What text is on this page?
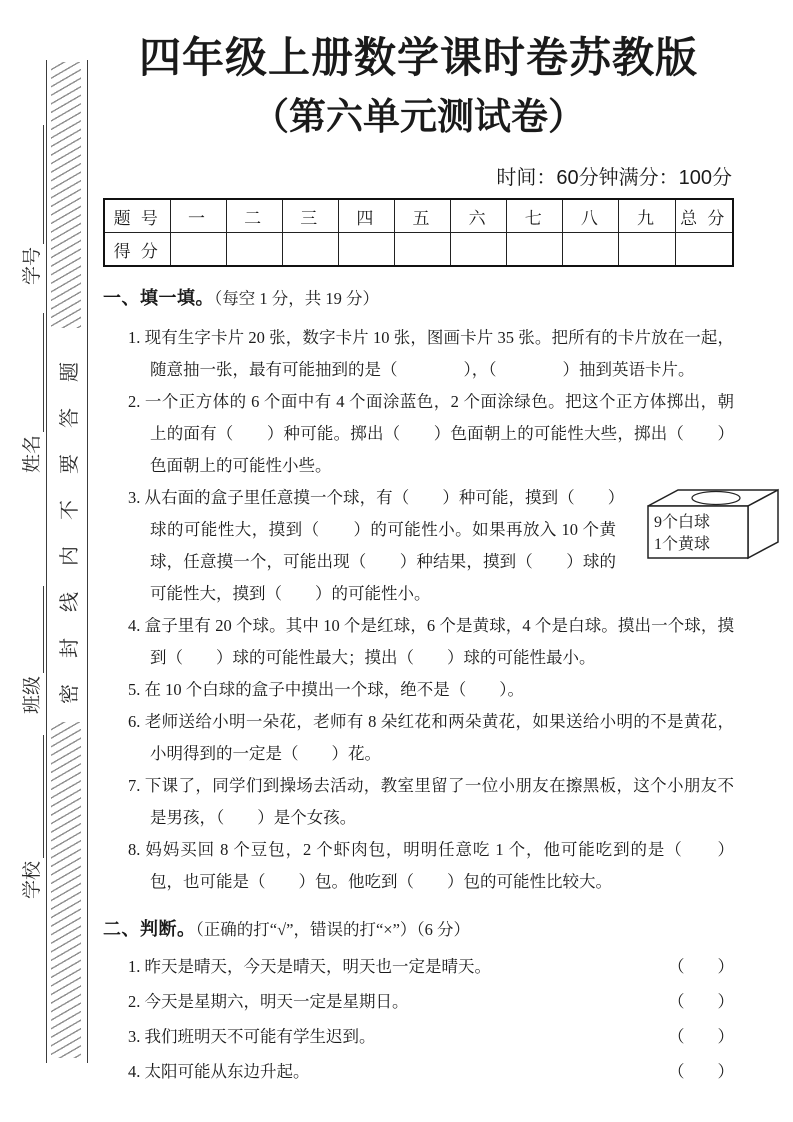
密封线内不要答题
学号
姓名
班级
学校
四年级上册数学课时卷苏教版
（第六单元测试卷）
时间：60分钟满分：100分
题 号	一	二	三	四	五	六	七	八	九	总 分
得 分										
一、填一填。（每空 1 分，共 19 分）

1. 现有生字卡片 20 张，数字卡片 10 张，图画卡片 35 张。把所有的卡片放在一起，随意抽一张，最有可能抽到的是（　　　　），（　　　　）抽到英语卡片。

2. 一个正方体的 6 个面中有 4 个面涂蓝色，2 个面涂绿色。把这个正方体掷出，朝上的面有（　　）种可能。掷出（　　）色面朝上的可能性大些，掷出（　　）色面朝上的可能性小些。

3. 从右面的盒子里任意摸一个球，有（　　）种可能，摸到（　　）球的可能性大，摸到（　　）的可能性小。如果再放入 10 个黄球，任意摸一个，可能出现（　　）种结果，摸到（　　）球的可能性大，摸到（　　）的可能性小。
9个白球
1个黄球

4. 盒子里有 20 个球。其中 10 个是红球，6 个是黄球，4 个是白球。摸出一个球，摸到（　　）球的可能性最大；摸出（　　）球的可能性最小。

5. 在 10 个白球的盒子中摸出一个球，绝不是（　　）。

6. 老师送给小明一朵花，老师有 8 朵红花和两朵黄花，如果送给小明的不是黄花，小明得到的一定是（　　）花。

7. 下课了，同学们到操场去活动，教室里留了一位小朋友在擦黑板，这个小朋友不是男孩，（　　）是个女孩。

8. 妈妈买回 8 个豆包，2 个虾肉包，明明任意吃 1 个，他可能吃到的是（　　）包，也可能是（　　）包。他吃到（　　）包的可能性比较大。

二、判断。（正确的打“√”，错误的打“×”）（6 分）

1. 昨天是晴天，今天是晴天，明天也一定是晴天。	（　　）

2. 今天是星期六，明天一定是星期日。	（　　）

3. 我们班明天不可能有学生迟到。	（　　）

4. 太阳可能从东边升起。	（　　）
